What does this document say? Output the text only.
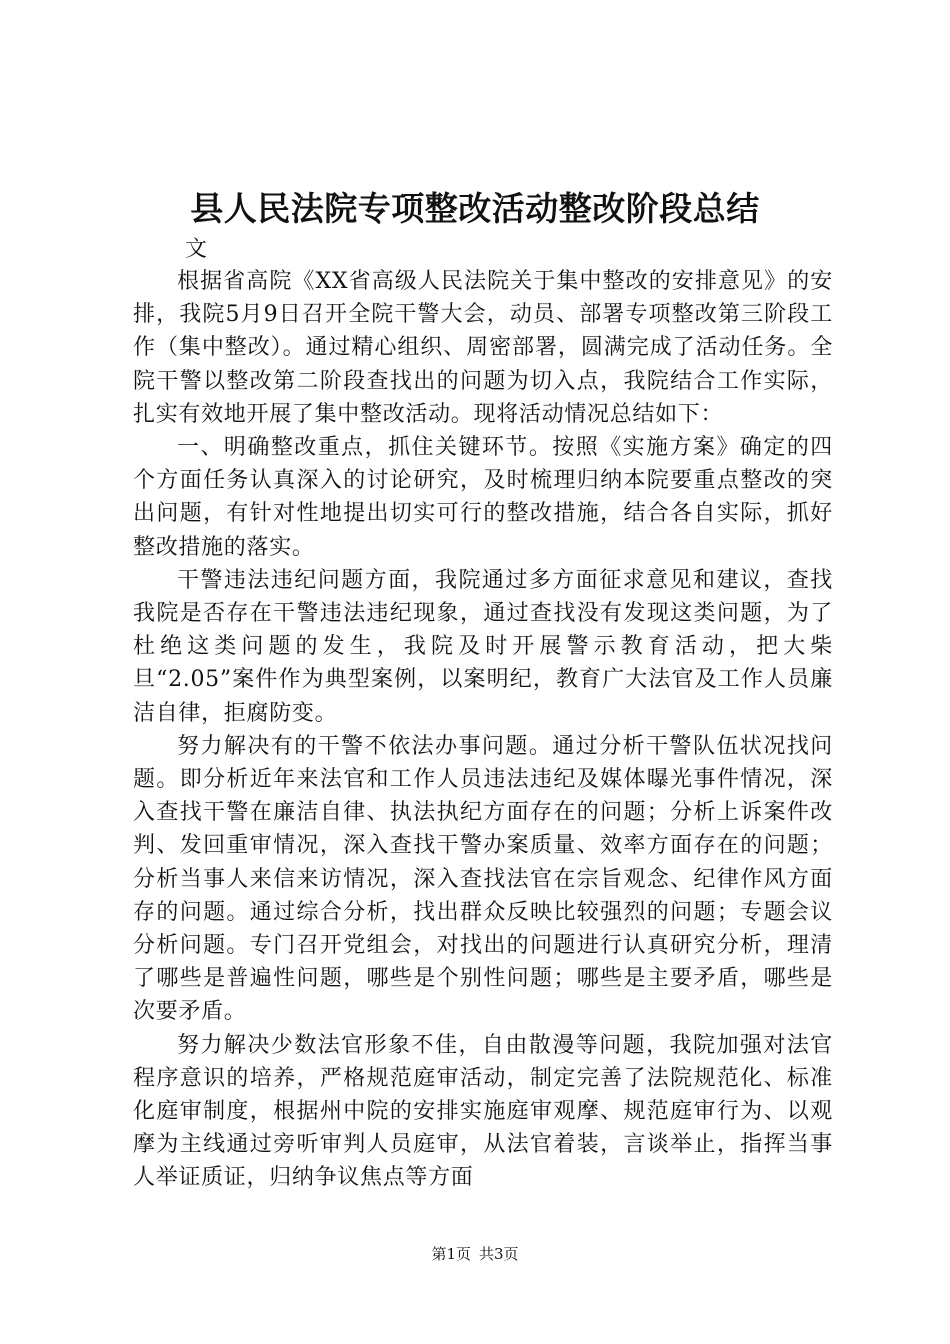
县人民法院专项整改活动整改阶段总结
文

根据省高院《XX省高级人民法院关于集中整改的安排意见》的安排，我院5月9日召开全院干警大会，动员、部署专项整改第三阶段工作（集中整改）。通过精心组织、周密部署，圆满完成了活动任务。全院干警以整改第二阶段查找出的问题为切入点，我院结合工作实际，扎实有效地开展了集中整改活动。现将活动情况总结如下：

一、明确整改重点，抓住关键环节。按照《实施方案》确定的四个方面任务认真深入的讨论研究，及时梳理归纳本院要重点整改的突出问题，有针对性地提出切实可行的整改措施，结合各自实际，抓好整改措施的落实。

干警违法违纪问题方面，我院通过多方面征求意见和建议，查找我院是否存在干警违法违纪现象，通过查找没有发现这类问题，为了杜绝这类问题的发生，我院及时开展警示教育活动，把大柴旦“2.05”案件作为典型案例，以案明纪，教育广大法官及工作人员廉洁自律，拒腐防变。

努力解决有的干警不依法办事问题。通过分析干警队伍状况找问题。即分析近年来法官和工作人员违法违纪及媒体曝光事件情况，深入查找干警在廉洁自律、执法执纪方面存在的问题；分析上诉案件改判、发回重审情况，深入查找干警办案质量、效率方面存在的问题；分析当事人来信来访情况，深入查找法官在宗旨观念、纪律作风方面存的问题。通过综合分析，找出群众反映比较强烈的问题；专题会议分析问题。专门召开党组会，对找出的问题进行认真研究分析，理清了哪些是普遍性问题，哪些是个别性问题；哪些是主要矛盾，哪些是次要矛盾。

努力解决少数法官形象不佳，自由散漫等问题，我院加强对法官程序意识的培养，严格规范庭审活动，制定完善了法院规范化、标准化庭审制度，根据州中院的安排实施庭审观摩、规范庭审行为、以观摩为主线通过旁听审判人员庭审，从法官着装，言谈举止，指挥当事人举证质证，归纳争议焦点等方面

第1页 共3页
